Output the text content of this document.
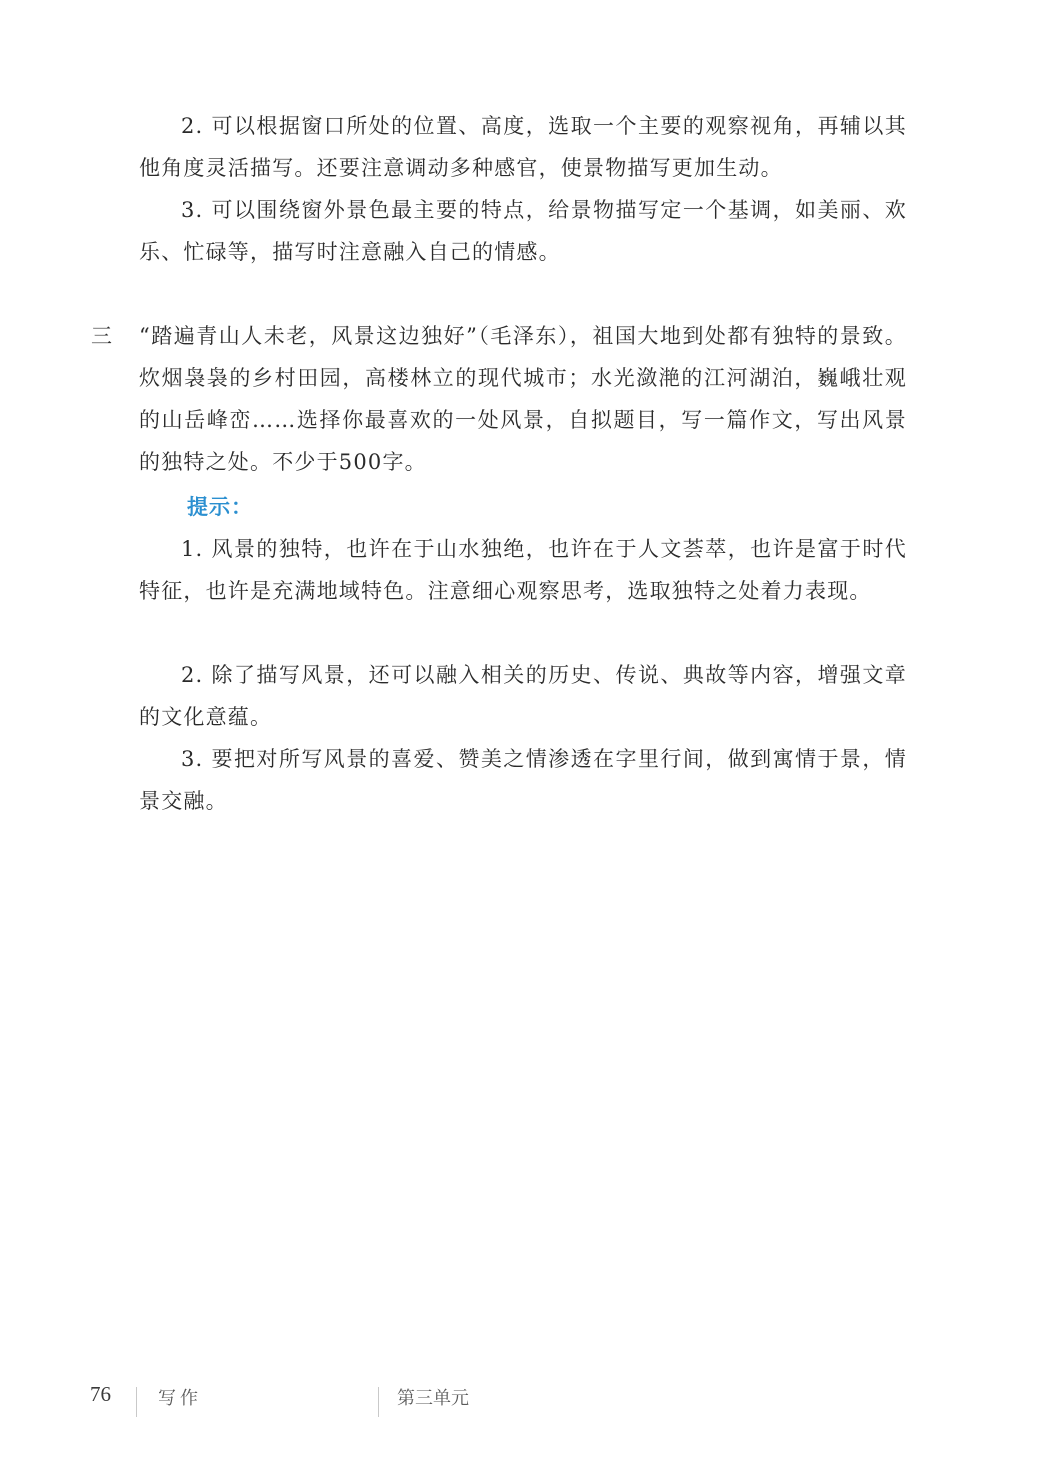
2. 可以根据窗口所处的位置、高度，选取一个主要的观察视角，再辅以其他角度灵活描写。还要注意调动多种感官，使景物描写更加生动。

3. 可以围绕窗外景色最主要的特点，给景物描写定一个基调，如美丽、欢乐、忙碌等，描写时注意融入自己的情感。

三 “踏遍青山人未老，风景这边独好”（毛泽东），祖国大地到处都有独特的景致。炊烟袅袅的乡村田园，高楼林立的现代城市；水光潋滟的江河湖泊，巍峨壮观的山岳峰峦……选择你最喜欢的一处风景，自拟题目，写一篇作文，写出风景的独特之处。不少于500字。

提示：

1. 风景的独特，也许在于山水独绝，也许在于人文荟萃，也许是富于时代特征，也许是充满地域特色。注意细心观察思考，选取独特之处着力表现。

2. 除了描写风景，还可以融入相关的历史、传说、典故等内容，增强文章的文化意蕴。

3. 要把对所写风景的喜爱、赞美之情渗透在字里行间，做到寓情于景，情景交融。

76	写作	第三单元
